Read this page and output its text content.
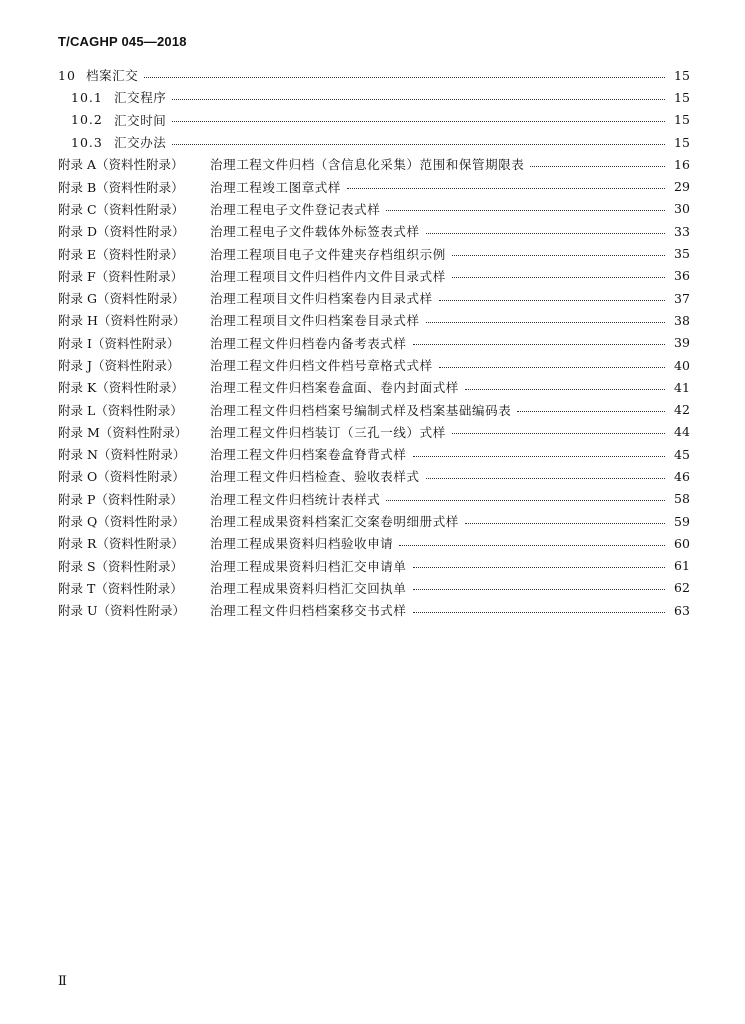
T/CAGHP 045—2018
10 档案汇交	15
10.1 汇交程序	15
10.2 汇交时间	15
10.3 汇交办法	15
附录 A（资料性附录）	治理工程文件归档（含信息化采集）范围和保管期限表	16
附录 B（资料性附录）	治理工程竣工图章式样	29
附录 C（资料性附录）	治理工程电子文件登记表式样	30
附录 D（资料性附录）	治理工程电子文件载体外标签表式样	33
附录 E（资料性附录）	治理工程项目电子文件建夹存档组织示例	35
附录 F（资料性附录）	治理工程项目文件归档件内文件目录式样	36
附录 G（资料性附录）	治理工程项目文件归档案卷内目录式样	37
附录 H（资料性附录）	治理工程项目文件归档案卷目录式样	38
附录 I（资料性附录）	治理工程文件归档卷内备考表式样	39
附录 J（资料性附录）	治理工程文件归档文件档号章格式式样	40
附录 K（资料性附录）	治理工程文件归档案卷盒面、卷内封面式样	41
附录 L（资料性附录）	治理工程文件归档档案号编制式样及档案基础编码表	42
附录 M（资料性附录）	治理工程文件归档装订（三孔一线）式样	44
附录 N（资料性附录）	治理工程文件归档案卷盒脊背式样	45
附录 O（资料性附录）	治理工程文件归档检查、验收表样式	46
附录 P（资料性附录）	治理工程文件归档统计表样式	58
附录 Q（资料性附录）	治理工程成果资料档案汇交案卷明细册式样	59
附录 R（资料性附录）	治理工程成果资料归档验收申请	60
附录 S（资料性附录）	治理工程成果资料归档汇交申请单	61
附录 T（资料性附录）	治理工程成果资料归档汇交回执单	62
附录 U（资料性附录）	治理工程文件归档档案移交书式样	63
Ⅱ
